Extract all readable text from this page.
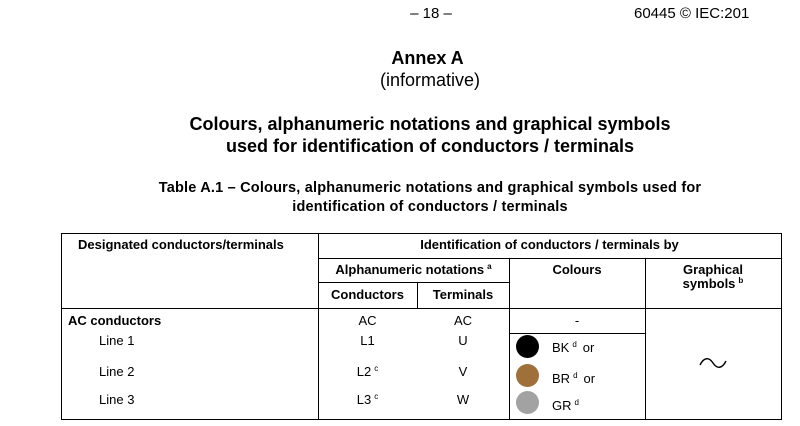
– 18 –	60445 © IEC:201
Annex A
(informative)
Colours, alphanumeric notations and graphical symbols
used for identification of conductors / terminals
Table A.1 – Colours, alphanumeric notations and graphical symbols used for
identification of conductors / terminals
Designated conductors/terminals	Identification of conductors / terminals by
Alphanumeric notations $^a$	Colours	Graphical
symbols $^b$
Conductors	Terminals
AC conductors	AC	AC	-
Line 1	L1	U	BK $^d$ or
Line 2	L2 $^c$	V	BR $^d$ or
Line 3	L3 $^c$	W	GR $^d$
